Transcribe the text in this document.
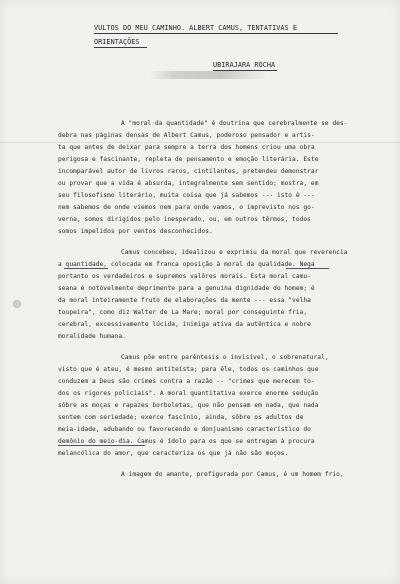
VULTOS DO MEU CAMINHO. ALBERT CAMUS, TENTATIVAS E
ORIENTAÇÕES
UBIRAJARA ROCHA
A "moral da quantidade" é doutrina que cerebralmente se des-
debra nas páginas densas de Albert Camus, poderoso pensador e artis-
ta que antes de deixar para sempre a terra dos homens criou uma obra
perigosa e fascinante, repleta de pensamento e emoção literária. Este
incomparável autor de livros raros, cintilantes, pretendeu demonstrar
ou provar que a vida é absurda, integralmente sem sentido; mostra, em
seu filosofismo literário, muita coisa que já sabemos --- isto é ---
nem sabemos de onde viemos nem para onde vamos, o imprevisto nos go-
verna, somos dirigidos pelo inesperado, ou, em outros têrmos, todos
somos impelidos por ventos desconhecidos.
Camus concebeu, idealizou e exprimiu da moral que reverencia
a quantidade, colocada em franca oposição à moral da qualidade. Nega
portanto os verdadeiros e supremos valôres morais. Esta moral camu-
seana é notòvelmente deprimente para a genuína dignidade do homem; é
da moral inteiramente fruto de elaborações da mente --- essa "velha
toupeira", como diz Walter de La Mare; moral por conseguinte fria,
cerebral, excessivamente lúcida, inimiga ativa da autêntica e nobre
moralidade humana.
Camus põe entre parêntesis o invisível, o sobrenatural,
visto que é ateu, é mesmo antiteísta; para êle, todos os caminhos que
conduzem a Deus são crimes contra a razão -- "crimes que merecem to-
dos os rigores policiais". A moral quantitativa exerce enorme sedução
sôbre as moças e rapazes borboletas, que não pensam em nada, que nada
sentem com seriedade; exerce fascínio, ainda, sôbre os adultos de
meia-idade, adubando ou favorecendo e donjuanismo característico do
demônio do meio-dia. Camus é ídolo para os que se entregam à procura
melancólica do amor, que caracteriza os que já não são moços.
A imagem do amante, prefigurada por Camus, é um homem frio,
